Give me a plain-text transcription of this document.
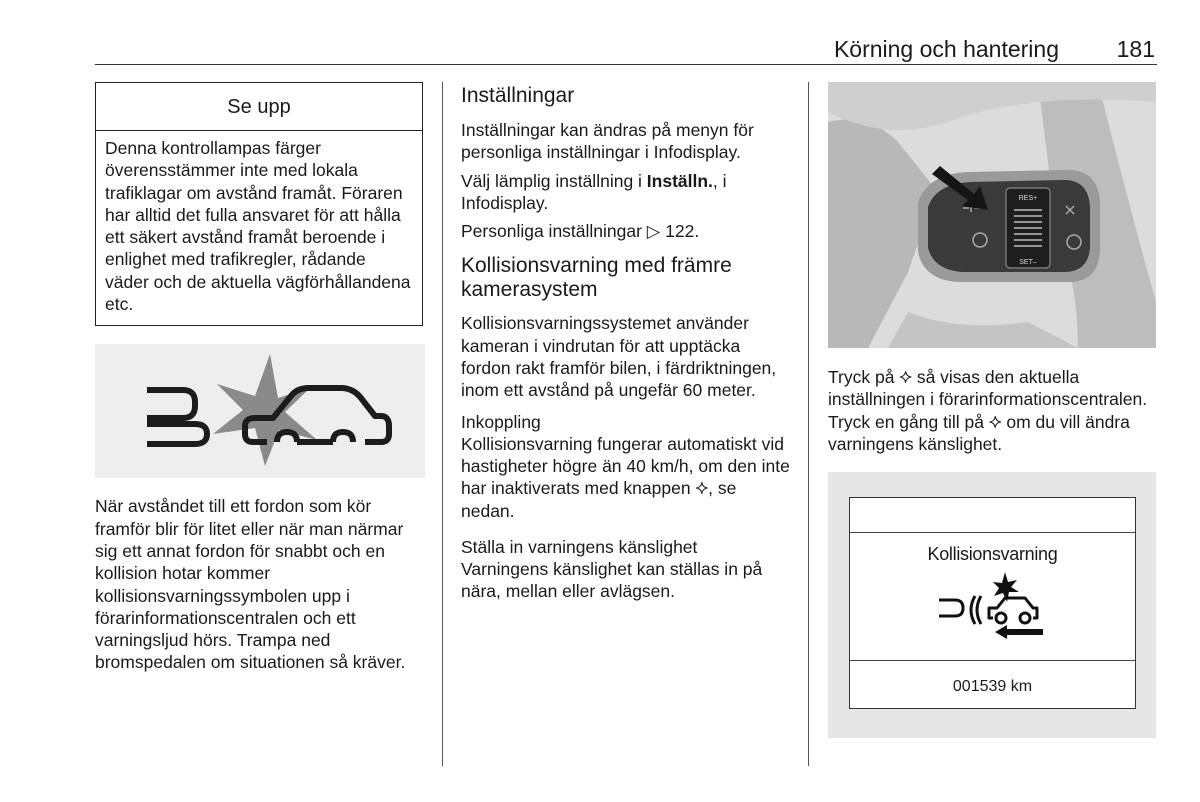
Körning och hantering	181
Se upp
Denna kontrollampas färger överensstämmer inte med lokala trafiklagar om avstånd framåt. Föraren har alltid det fulla ansvaret för att hålla ett säkert avstånd framåt beroende i enlighet med trafikregler, rådande väder och de aktuella vägförhållandena etc.

När avståndet till ett fordon som kör framför blir för litet eller när man närmar sig ett annat fordon för snabbt och en kollision hotar kommer kollisionsvarningssymbolen upp i förarinformationscentralen och ett varningsljud hörs. Trampa ned bromspedalen om situationen så kräver.

Inställningar

Inställningar kan ändras på menyn för personliga inställningar i Infodisplay.

Välj lämplig inställning i Inställn., i Infodisplay.

Personliga inställningar ▷ 122.

Kollisionsvarning med främre kamerasystem

Kollisionsvarningssystemet använder kameran i vindrutan för att upptäcka fordon rakt framför bilen, i färdriktningen, inom ett avstånd på ungefär 60 meter.

Inkoppling

Kollisionsvarning fungerar automatiskt vid hastigheter högre än 40 km/h, om den inte har inaktiverats med knappen ⯎, se nedan.

Ställa in varningens känslighet

Varningens känslighet kan ställas in på nära, mellan eller avlägsen.

RES+
SET–

Tryck på ⯎ så visas den aktuella inställningen i förarinformationscentralen. Tryck en gång till på ⯎ om du vill ändra varningens känslighet.

Kollisionsvarning
001539 km
